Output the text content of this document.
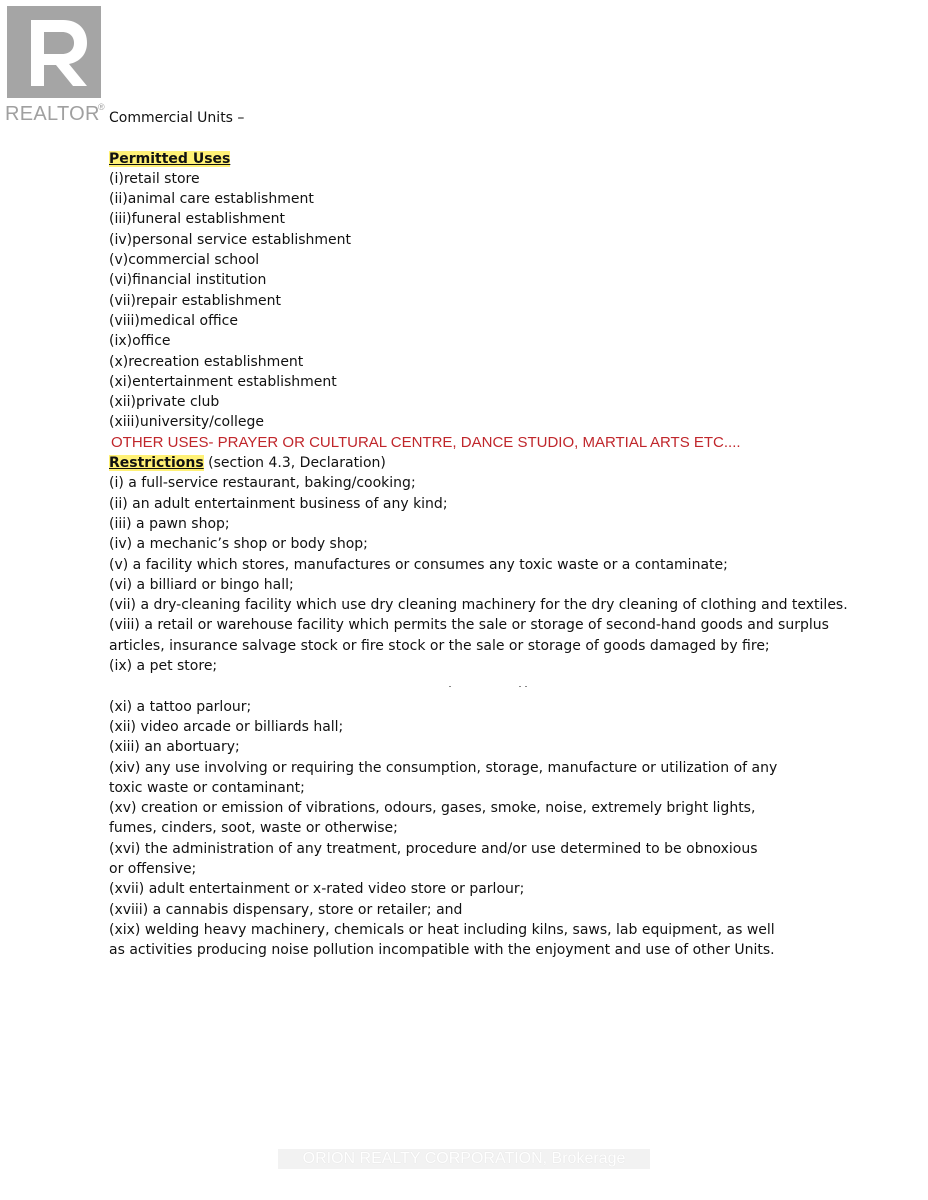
REALTOR
®
Commercial Units –
Permitted Uses
(i)retail store
(ii)animal care establishment
(iii)funeral establishment
(iv)personal service establishment
(v)commercial school
(vi)financial institution
(vii)repair establishment
(viii)medical office
(ix)office
(x)recreation establishment
(xi)entertainment establishment
(xii)private club
(xiii)university/college
OTHER USES- PRAYER OR CULTURAL CENTRE, DANCE STUDIO, MARTIAL ARTS ETC....
Restrictions (section 4.3, Declaration)
(i) a full-service restaurant, baking/cooking;
(ii) an adult entertainment business of any kind;
(iii) a pawn shop;
(iv) a mechanic’s shop or body shop;
(v) a facility which stores, manufactures or consumes any toxic waste or a contaminate;
(vi) a billiard or bingo hall;
(vii) a dry-cleaning facility which use dry cleaning machinery for the dry cleaning of clothing and textiles.
(viii) a retail or warehouse facility which permits the sale or storage of second-hand goods and surplus articles, insurance salvage stock or fire stock or the sale or storage of goods damaged by fire;
(ix) a pet store;
(xi) a tattoo parlour;
(xii) video arcade or billiards hall;
(xiii) an abortuary;
(xiv) any use involving or requiring the consumption, storage, manufacture or utilization of any toxic waste or contaminant;
(xv) creation or emission of vibrations, odours, gases, smoke, noise, extremely bright lights, fumes, cinders, soot, waste or otherwise;
(xvi) the administration of any treatment, procedure and/or use determined to be obnoxious or offensive;
(xvii) adult entertainment or x-rated video store or parlour;
(xviii) a cannabis dispensary, store or retailer; and
(xix) welding heavy machinery, chemicals or heat including kilns, saws, lab equipment, as well as activities producing noise pollution incompatible with the enjoyment and use of other Units.
ORION REALTY CORPORATION, Brokerage
